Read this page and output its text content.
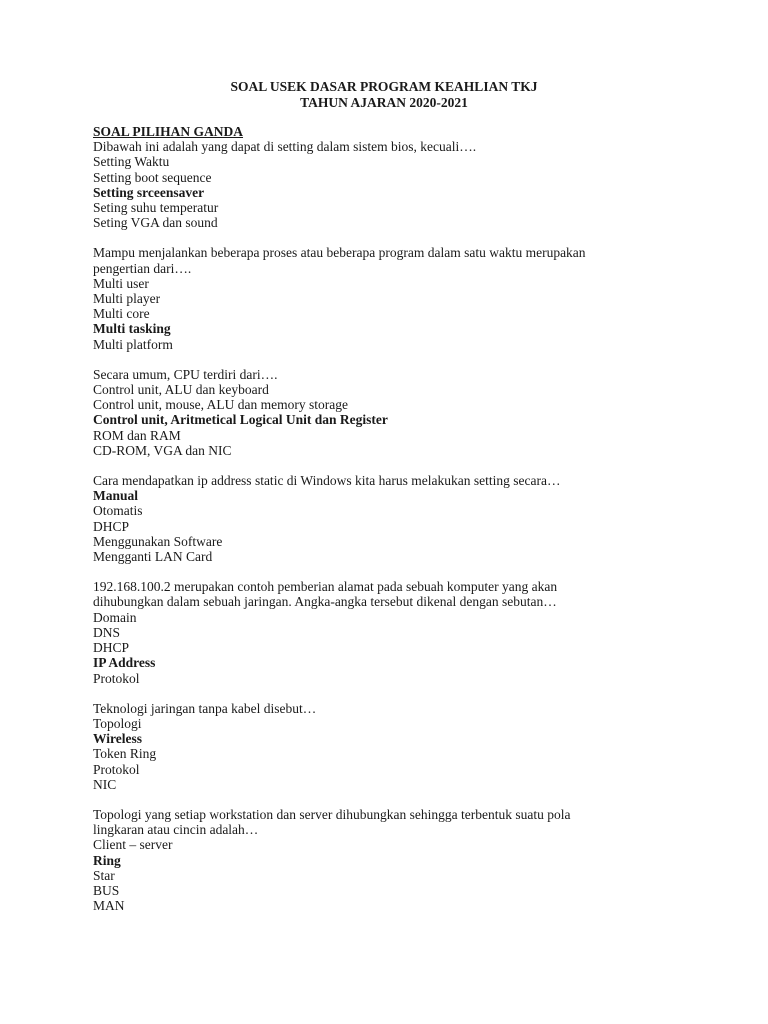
SOAL USEK DASAR PROGRAM KEAHLIAN TKJ
TAHUN AJARAN 2020-2021
SOAL PILIHAN GANDA
Dibawah ini adalah yang dapat di setting dalam sistem bios, kecuali….
Setting Waktu
Setting boot sequence
Setting srceensaver
Seting suhu temperatur
Seting VGA dan sound
Mampu menjalankan beberapa proses atau beberapa program dalam satu waktu merupakan
pengertian dari….
Multi user
Multi player
Multi core
Multi tasking
Multi platform
Secara umum, CPU terdiri dari….
Control unit, ALU dan keyboard
Control unit, mouse, ALU dan memory storage
Control unit, Aritmetical Logical Unit dan Register
ROM dan RAM
CD-ROM, VGA dan NIC
Cara mendapatkan ip address static di Windows kita harus melakukan setting secara…
Manual
Otomatis
DHCP
Menggunakan Software
Mengganti LAN Card
192.168.100.2 merupakan contoh pemberian alamat pada sebuah komputer yang akan
dihubungkan dalam sebuah jaringan. Angka-angka tersebut dikenal dengan sebutan…
Domain
DNS
DHCP
IP Address
Protokol
Teknologi jaringan tanpa kabel disebut…
Topologi
Wireless
Token Ring
Protokol
NIC
Topologi yang setiap workstation dan server dihubungkan sehingga terbentuk suatu pola
lingkaran atau cincin adalah…
Client – server
Ring
Star
BUS
MAN
